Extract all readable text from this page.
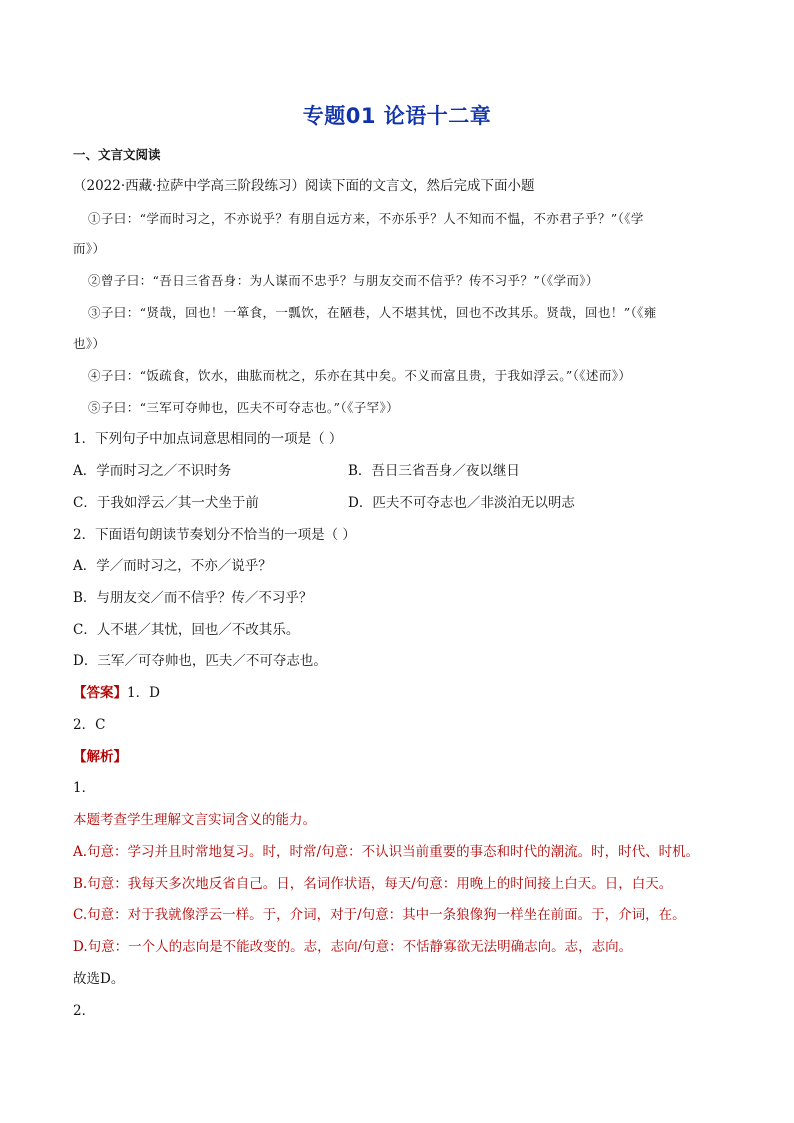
专题01 论语十二章
一、文言文阅读
（2022·西藏·拉萨中学高三阶段练习）阅读下面的文言文，然后完成下面小题
①子曰：“学而时习之，不亦说乎？有朋自远方来，不亦乐乎？人不知而不愠，不亦君子乎？”（《学
而》）
②曾子曰：“吾日三省吾身：为人谋而不忠乎？与朋友交而不信乎？传不习乎？”（《学而》）
③子曰：“贤哉，回也！一箪食，一瓢饮，在陋巷，人不堪其忧，回也不改其乐。贤哉，回也！”（《雍
也》）
④子曰：“饭疏食，饮水，曲肱而枕之，乐亦在其中矣。不义而富且贵，于我如浮云。”（《述而》）
⑤子曰：“三军可夺帅也，匹夫不可夺志也。”（《子罕》）
1．下列句子中加点词意思相同的一项是（ ）
A．学而时习之／不识时务	B．吾日三省吾身／夜以继日
C．于我如浮云／其一犬坐于前	D．匹夫不可夺志也／非淡泊无以明志
2．下面语句朗读节奏划分不恰当的一项是（ ）
A．学／而时习之，不亦／说乎？
B．与朋友交／而不信乎？传／不习乎？
C．人不堪／其忧，回也／不改其乐。
D．三军／可夺帅也，匹夫／不可夺志也。
【答案】1．D
2．C
【解析】
1．
本题考查学生理解文言实词含义的能力。
A.句意：学习并且时常地复习。时，时常/句意：不认识当前重要的事态和时代的潮流。时，时代、时机。
B.句意：我每天多次地反省自己。日，名词作状语，每天/句意：用晚上的时间接上白天。日，白天。
C.句意：对于我就像浮云一样。于，介词，对于/句意：其中一条狼像狗一样坐在前面。于，介词，在。
D.句意：一个人的志向是不能改变的。志，志向/句意：不恬静寡欲无法明确志向。志，志向。
故选D。
2．
